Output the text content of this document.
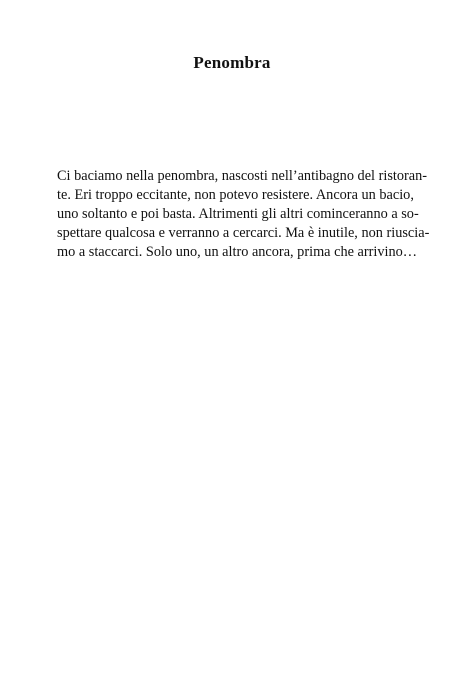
Penombra
Ci baciamo nella penombra, nascosti nell’antibagno del ristoran-
te. Eri troppo eccitante, non potevo resistere. Ancora un bacio,
uno soltanto e poi basta. Altrimenti gli altri cominceranno a so-
spettare qualcosa e verranno a cercarci. Ma è inutile, non riuscia-
mo a staccarci. Solo uno, un altro ancora, prima che arrivino…
